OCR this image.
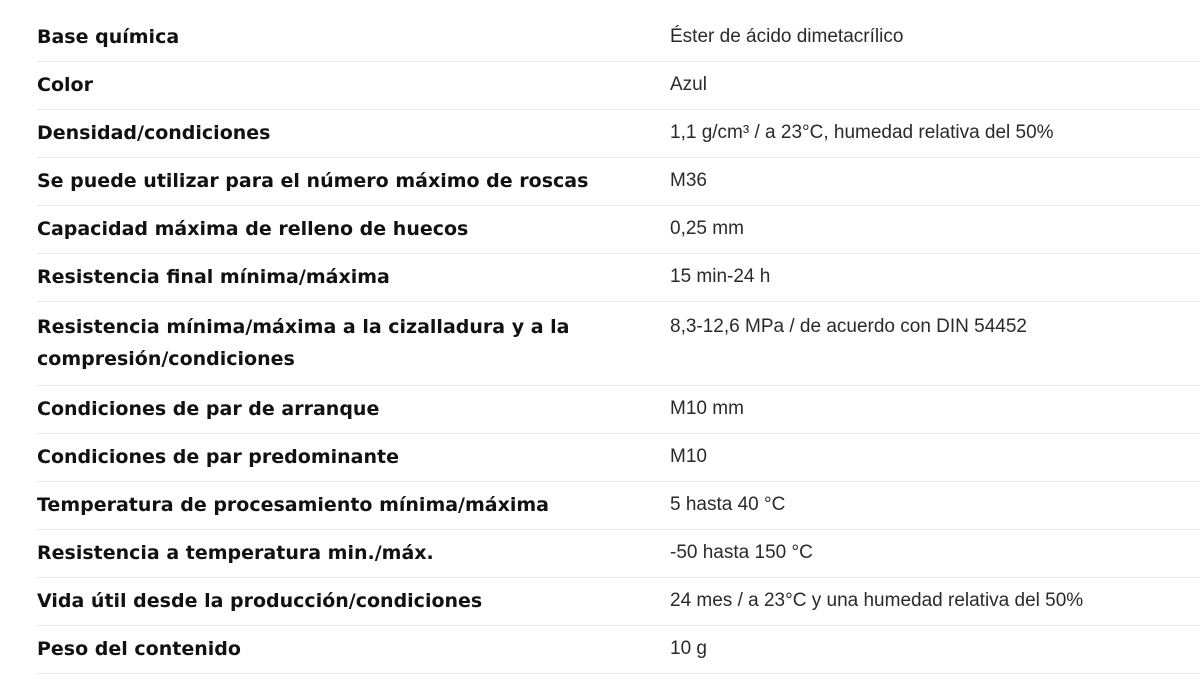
Base química	Éster de ácido dimetacrílico
Color	Azul
Densidad/condiciones	1,1 g/cm³ / a 23°C, humedad relativa del 50%
Se puede utilizar para el número máximo de roscas	M36
Capacidad máxima de relleno de huecos	0,25 mm
Resistencia final mínima/máxima	15 min-24 h
Resistencia mínima/máxima a la cizalladura y a la compresión/condiciones	8,3-12,6 MPa / de acuerdo con DIN 54452
Condiciones de par de arranque	M10 mm
Condiciones de par predominante	M10
Temperatura de procesamiento mínima/máxima	5 hasta 40 °C
Resistencia a temperatura min./máx.	-50 hasta 150 °C
Vida útil desde la producción/condiciones	24 mes / a 23°C y una humedad relativa del 50%
Peso del contenido	10 g
